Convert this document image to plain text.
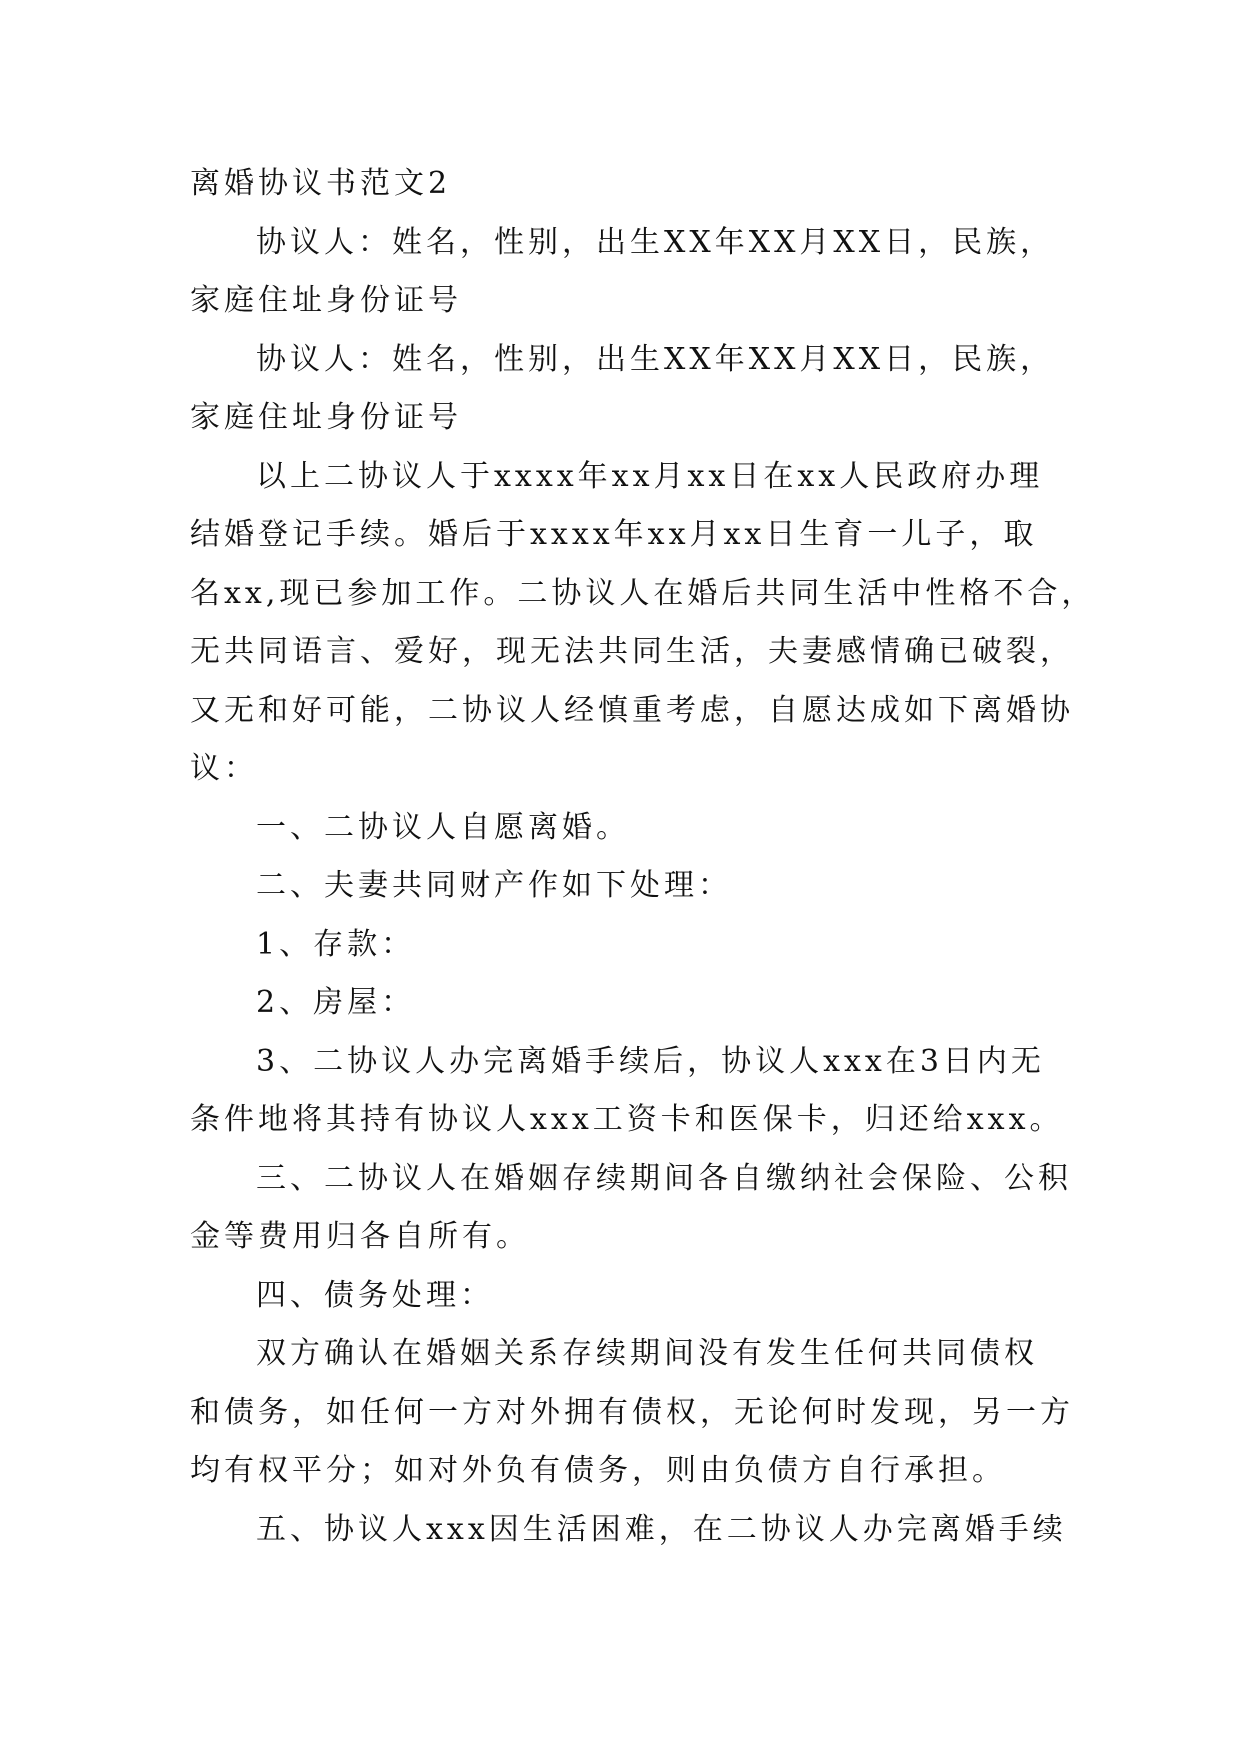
离婚协议书范文2
协议人：姓名，性别，出生XX年XX月XX日，民族，
家庭住址身份证号
协议人：姓名，性别，出生XX年XX月XX日，民族，
家庭住址身份证号
以上二协议人于xxxx年xx月xx日在xx人民政府办理
结婚登记手续。婚后于xxxx年xx月xx日生育一儿子，取
名xx,现已参加工作。二协议人在婚后共同生活中性格不合，
无共同语言、爱好，现无法共同生活，夫妻感情确已破裂，
又无和好可能，二协议人经慎重考虑，自愿达成如下离婚协
议：
一、二协议人自愿离婚。
二、夫妻共同财产作如下处理：
1、存款：
2、房屋：
3、二协议人办完离婚手续后，协议人xxx在3日内无
条件地将其持有协议人xxx工资卡和医保卡，归还给xxx。
三、二协议人在婚姻存续期间各自缴纳社会保险、公积
金等费用归各自所有。
四、债务处理：
双方确认在婚姻关系存续期间没有发生任何共同债权
和债务，如任何一方对外拥有债权，无论何时发现，另一方
均有权平分；如对外负有债务，则由负债方自行承担。
五、协议人xxx因生活困难，在二协议人办完离婚手续
